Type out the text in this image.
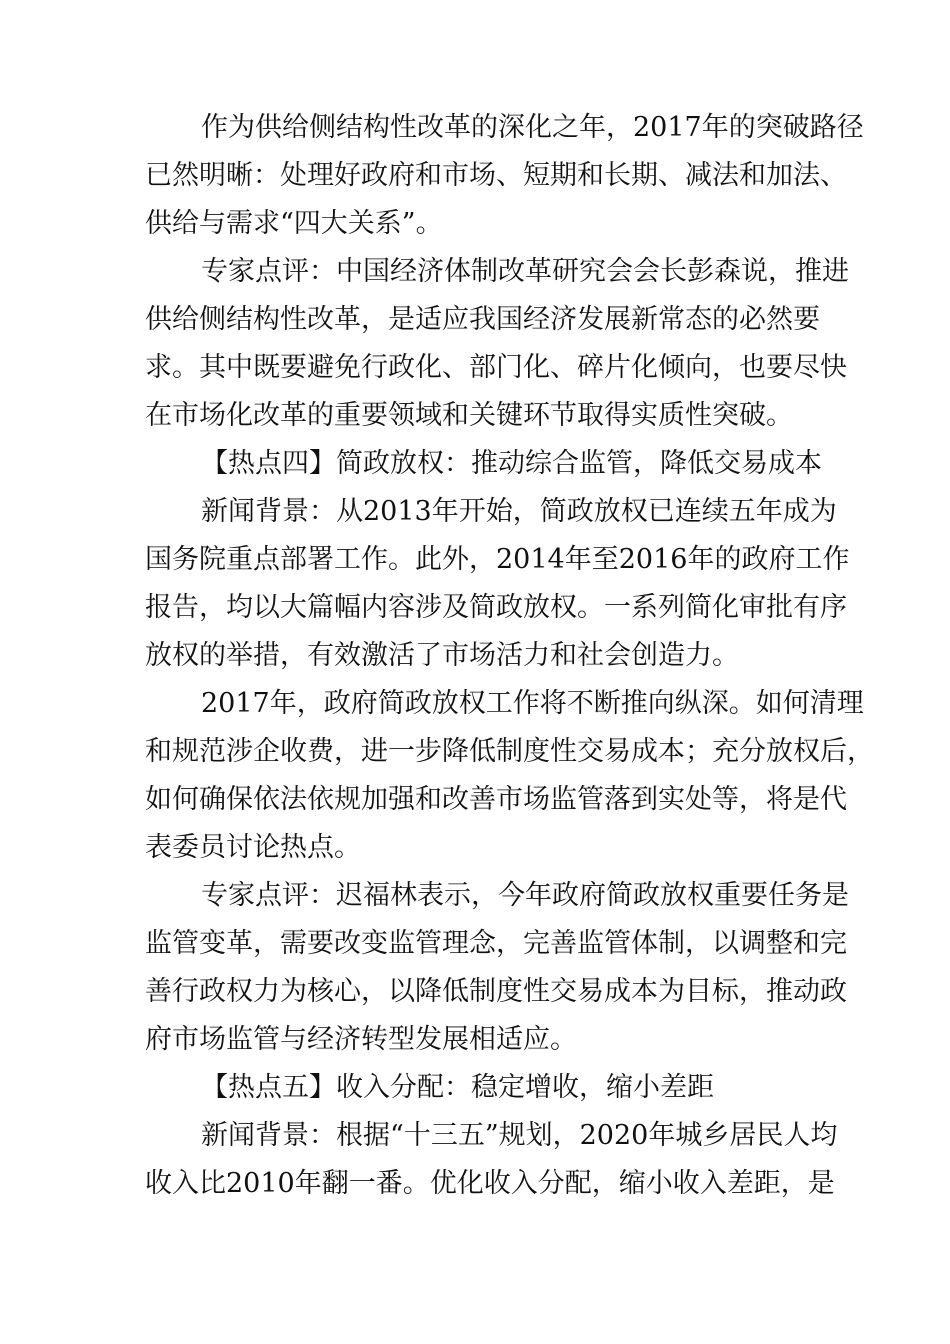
作 为 供 给 侧 结 构 性 改 革 的 深 化 之 年 ， 2017 年 的 突 破 路 径
已 然 明 晰 ： 处 理 好 政 府 和 市 场 、 短 期 和 长 期 、 减 法 和 加 法 、
供给与需求“四大关系”。
专 家 点 评 ： 中 国 经 济 体 制 改 革 研 究 会 会 长 彭 森 说 ， 推 进
供 给 侧 结 构 性 改 革 ， 是 适 应 我 国 经 济 发 展 新 常 态 的 必 然 要
求 。 其 中 既 要 避 免 行 政 化 、 部 门 化 、 碎 片 化 倾 向 ， 也 要 尽 快
在市场化改革的重要领域和关键环节取得实质性突破。
【热点四】简政放权：推动综合监管，降低交易成本
新 闻 背 景 ： 从 2013 年 开 始 ， 简 政 放 权 已 连 续 五 年 成 为
国 务 院 重 点 部 署 工 作 。 此 外 ， 2014 年 至 2016 年 的 政 府 工 作
报 告 ， 均 以 大 篇 幅 内 容 涉 及 简 政 放 权 。 一 系 列 简 化 审 批 有 序
放权的举措，有效激活了市场活力和社会创造力。
2017 年 ， 政 府 简 政 放 权 工 作 将 不 断 推 向 纵 深 。 如 何 清 理
和 规 范 涉 企 收 费 ， 进 一 步 降 低 制 度 性 交 易 成 本 ； 充 分 放 权 后 ，
如 何 确 保 依 法 依 规 加 强 和 改 善 市 场 监 管 落 到 实 处 等 ， 将 是 代
表委员讨论热点。
专 家 点 评 ： 迟 福 林 表 示 ， 今 年 政 府 简 政 放 权 重 要 任 务 是
监 管 变 革 ， 需 要 改 变 监 管 理 念 ， 完 善 监 管 体 制 ， 以 调 整 和 完
善 行 政 权 力 为 核 心 ， 以 降 低 制 度 性 交 易 成 本 为 目 标 ， 推 动 政
府市场监管与经济转型发展相适应。
【热点五】收入分配：稳定增收，缩小差距
新 闻 背 景 ： 根 据 “ 十 三 五 ” 规 划 ， 2020 年 城 乡 居 民 人 均
收 入 比 2010 年 翻 一 番 。 优 化 收 入 分 配 ， 缩 小 收 入 差 距 ， 是
